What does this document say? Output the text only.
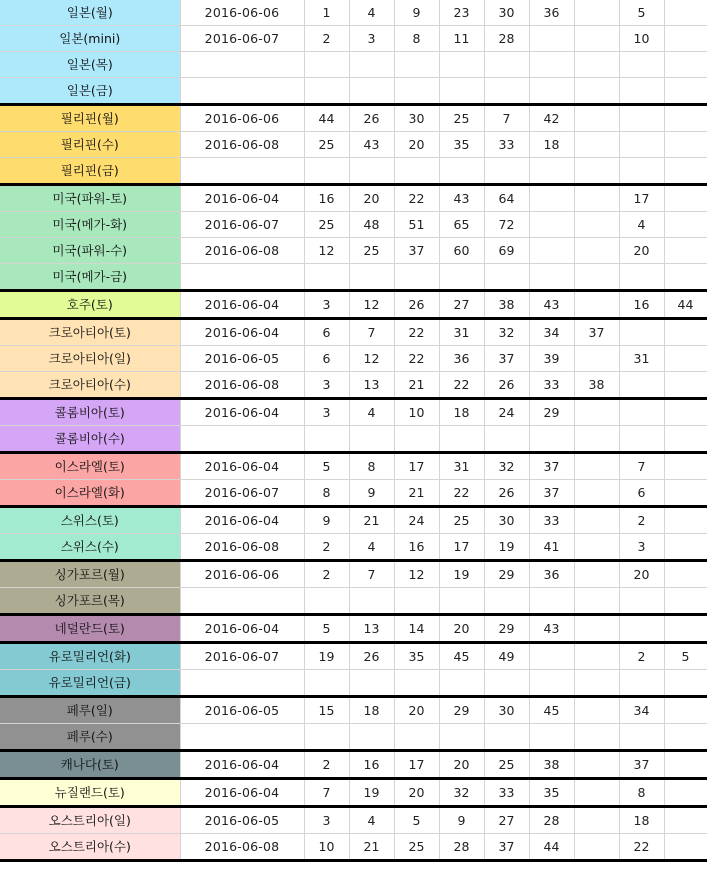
일본(월)	2016-06-06	1	4	9	23	30	36		5	
일본(mini)	2016-06-07	2	3	8	11	28			10	
일본(목)										
일본(금)										
필리핀(월)	2016-06-06	44	26	30	25	7	42			
필리핀(수)	2016-06-08	25	43	20	35	33	18			
필리핀(금)										
미국(파워-토)	2016-06-04	16	20	22	43	64			17	
미국(메가-화)	2016-06-07	25	48	51	65	72			4	
미국(파워-수)	2016-06-08	12	25	37	60	69			20	
미국(메가-금)										
호주(토)	2016-06-04	3	12	26	27	38	43		16	44
크로아티아(토)	2016-06-04	6	7	22	31	32	34	37		
크로아티아(일)	2016-06-05	6	12	22	36	37	39		31	
크로아티아(수)	2016-06-08	3	13	21	22	26	33	38		
콜롬비아(토)	2016-06-04	3	4	10	18	24	29			
콜롬비아(수)										
이스라엘(토)	2016-06-04	5	8	17	31	32	37		7	
이스라엘(화)	2016-06-07	8	9	21	22	26	37		6	
스위스(토)	2016-06-04	9	21	24	25	30	33		2	
스위스(수)	2016-06-08	2	4	16	17	19	41		3	
싱가포르(월)	2016-06-06	2	7	12	19	29	36		20	
싱가포르(목)										
네덜란드(토)	2016-06-04	5	13	14	20	29	43			
유로밀리언(화)	2016-06-07	19	26	35	45	49			2	5
유로밀리언(금)										
페루(일)	2016-06-05	15	18	20	29	30	45		34	
페루(수)										
캐나다(토)	2016-06-04	2	16	17	20	25	38		37	
뉴질랜드(토)	2016-06-04	7	19	20	32	33	35		8	
오스트리아(일)	2016-06-05	3	4	5	9	27	28		18	
오스트리아(수)	2016-06-08	10	21	25	28	37	44		22	
